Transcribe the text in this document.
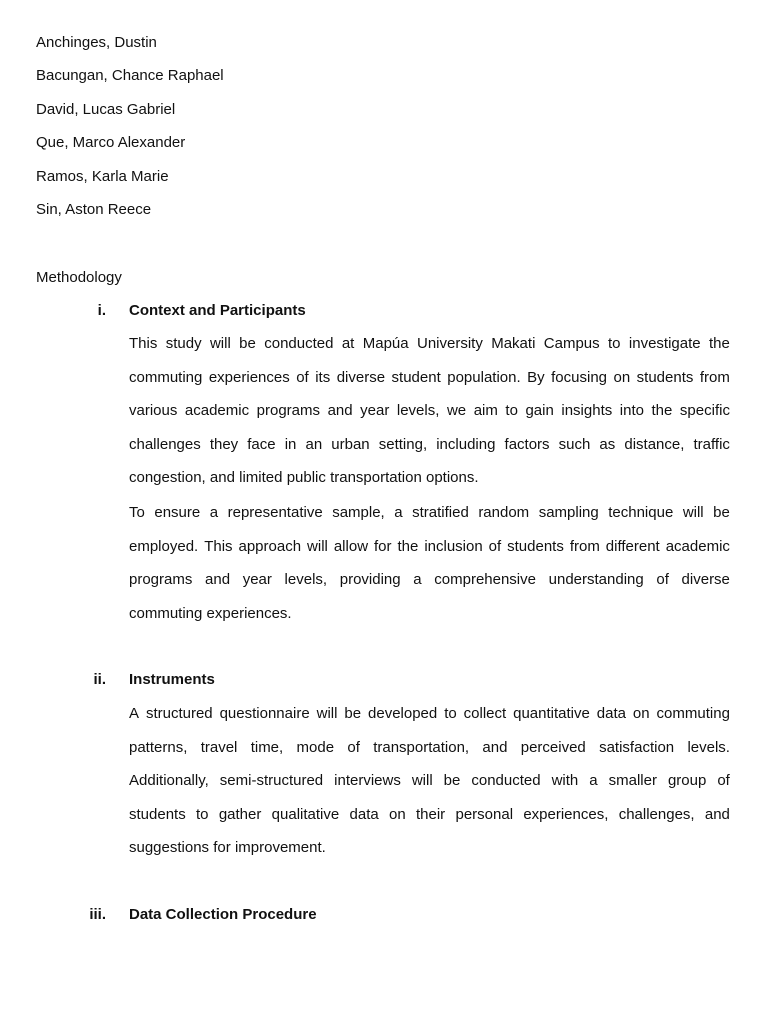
Anchinges, Dustin
Bacungan, Chance Raphael
David, Lucas Gabriel
Que, Marco Alexander
Ramos, Karla Marie
Sin, Aston Reece
Methodology
i. Context and Participants
This study will be conducted at Mapúa University Makati Campus to investigate the
commuting experiences of its diverse student population. By focusing on students from
various academic programs and year levels, we aim to gain insights into the specific
challenges they face in an urban setting, including factors such as distance, traffic
congestion, and limited public transportation options.
To ensure a representative sample, a stratified random sampling technique will be
employed. This approach will allow for the inclusion of students from different academic
programs and year levels, providing a comprehensive understanding of diverse
commuting experiences.
ii. Instruments
A structured questionnaire will be developed to collect quantitative data on commuting
patterns, travel time, mode of transportation, and perceived satisfaction levels.
Additionally, semi-structured interviews will be conducted with a smaller group of
students to gather qualitative data on their personal experiences, challenges, and
suggestions for improvement.
iii. Data Collection Procedure
